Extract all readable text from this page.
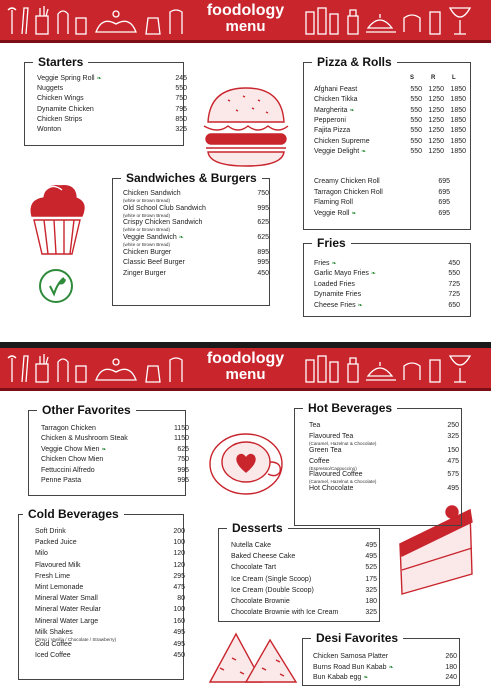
foodology
menu
Starters
Veggie Spring Roll ❧	245
Nuggets	550
Chicken Wings	750
Dynamite Chicken	795
Chicken Strips	850
Wonton	325
Pizza & Rolls
S	R	L
Afghani Feast	550 1250 1850
Chicken Tikka	550 1250 1850
Margherita ❧	550 1250 1850
Pepperoni	550 1250 1850
Fajita Pizza	550 1250 1850
Chicken Supreme	550 1250 1850
Veggie Delight ❧	550 1250 1850
Creamy Chicken Roll	695
Tarragon Chicken Roll	695
Flaming Roll	695
Veggie Roll ❧	695
Sandwiches & Burgers
Chicken Sandwich	750
(white or Brown Bread)
Old School Club Sandwich	995
(white or Brown Bread)
Crispy Chicken Sandwich	625
(white or Brown Bread)
Veggie Sandwich ❧	625
(white or Brown Bread)
Chicken Burger	895
Classic Beef Burger	995
Zinger Burger	450
Fries
Fries ❧	450
Garlic Mayo Fries ❧	550
Loaded Fries	725
Dynamite Fries	725
Cheese Fries ❧	650
foodology
menu
Other Favorites
Tarragon Chicken	1150
Chicken & Mushroom Steak	1150
Veggie Chow Mien ❧	625
Chicken Chow Mien	750
Fettuccini Alfredo	995
Penne Pasta	995
Hot Beverages
Tea	250
Flavoured Tea	325
(Caramel, Hazelnut & Chocolate)
Green Tea	150
Coffee	475
(Espresso/Cappuccino)
Flavoured Coffee	575
(Caramel, Hazelnut & Chocolate)
Hot Chocolate	495
Cold Beverages
Soft Drink	200
Packed Juice	100
Milo	120
Flavoured Milk	120
Fresh Lime	295
Mint Lemonade	475
Mineral Water Small	80
Mineral Water Reular	100
Mineral Water Large	160
Milk Shakes	495
(Oreo / Vanilla / Chocolate / Strawberry)
Cold Coffee	495
Iced Coffee	450
Desserts
Nutella Cake	495
Baked Cheese Cake	495
Chocolate Tart	525
Ice Cream (Single Scoop)	175
Ice Cream (Double Scoop)	325
Chocolate Brownie	180
Chocolate Brownie with Ice Cream	325
Desi Favorites
Chicken Samosa Platter	260
Burns Road Bun Kabab ❧	180
Bun Kabab egg ❧	240
